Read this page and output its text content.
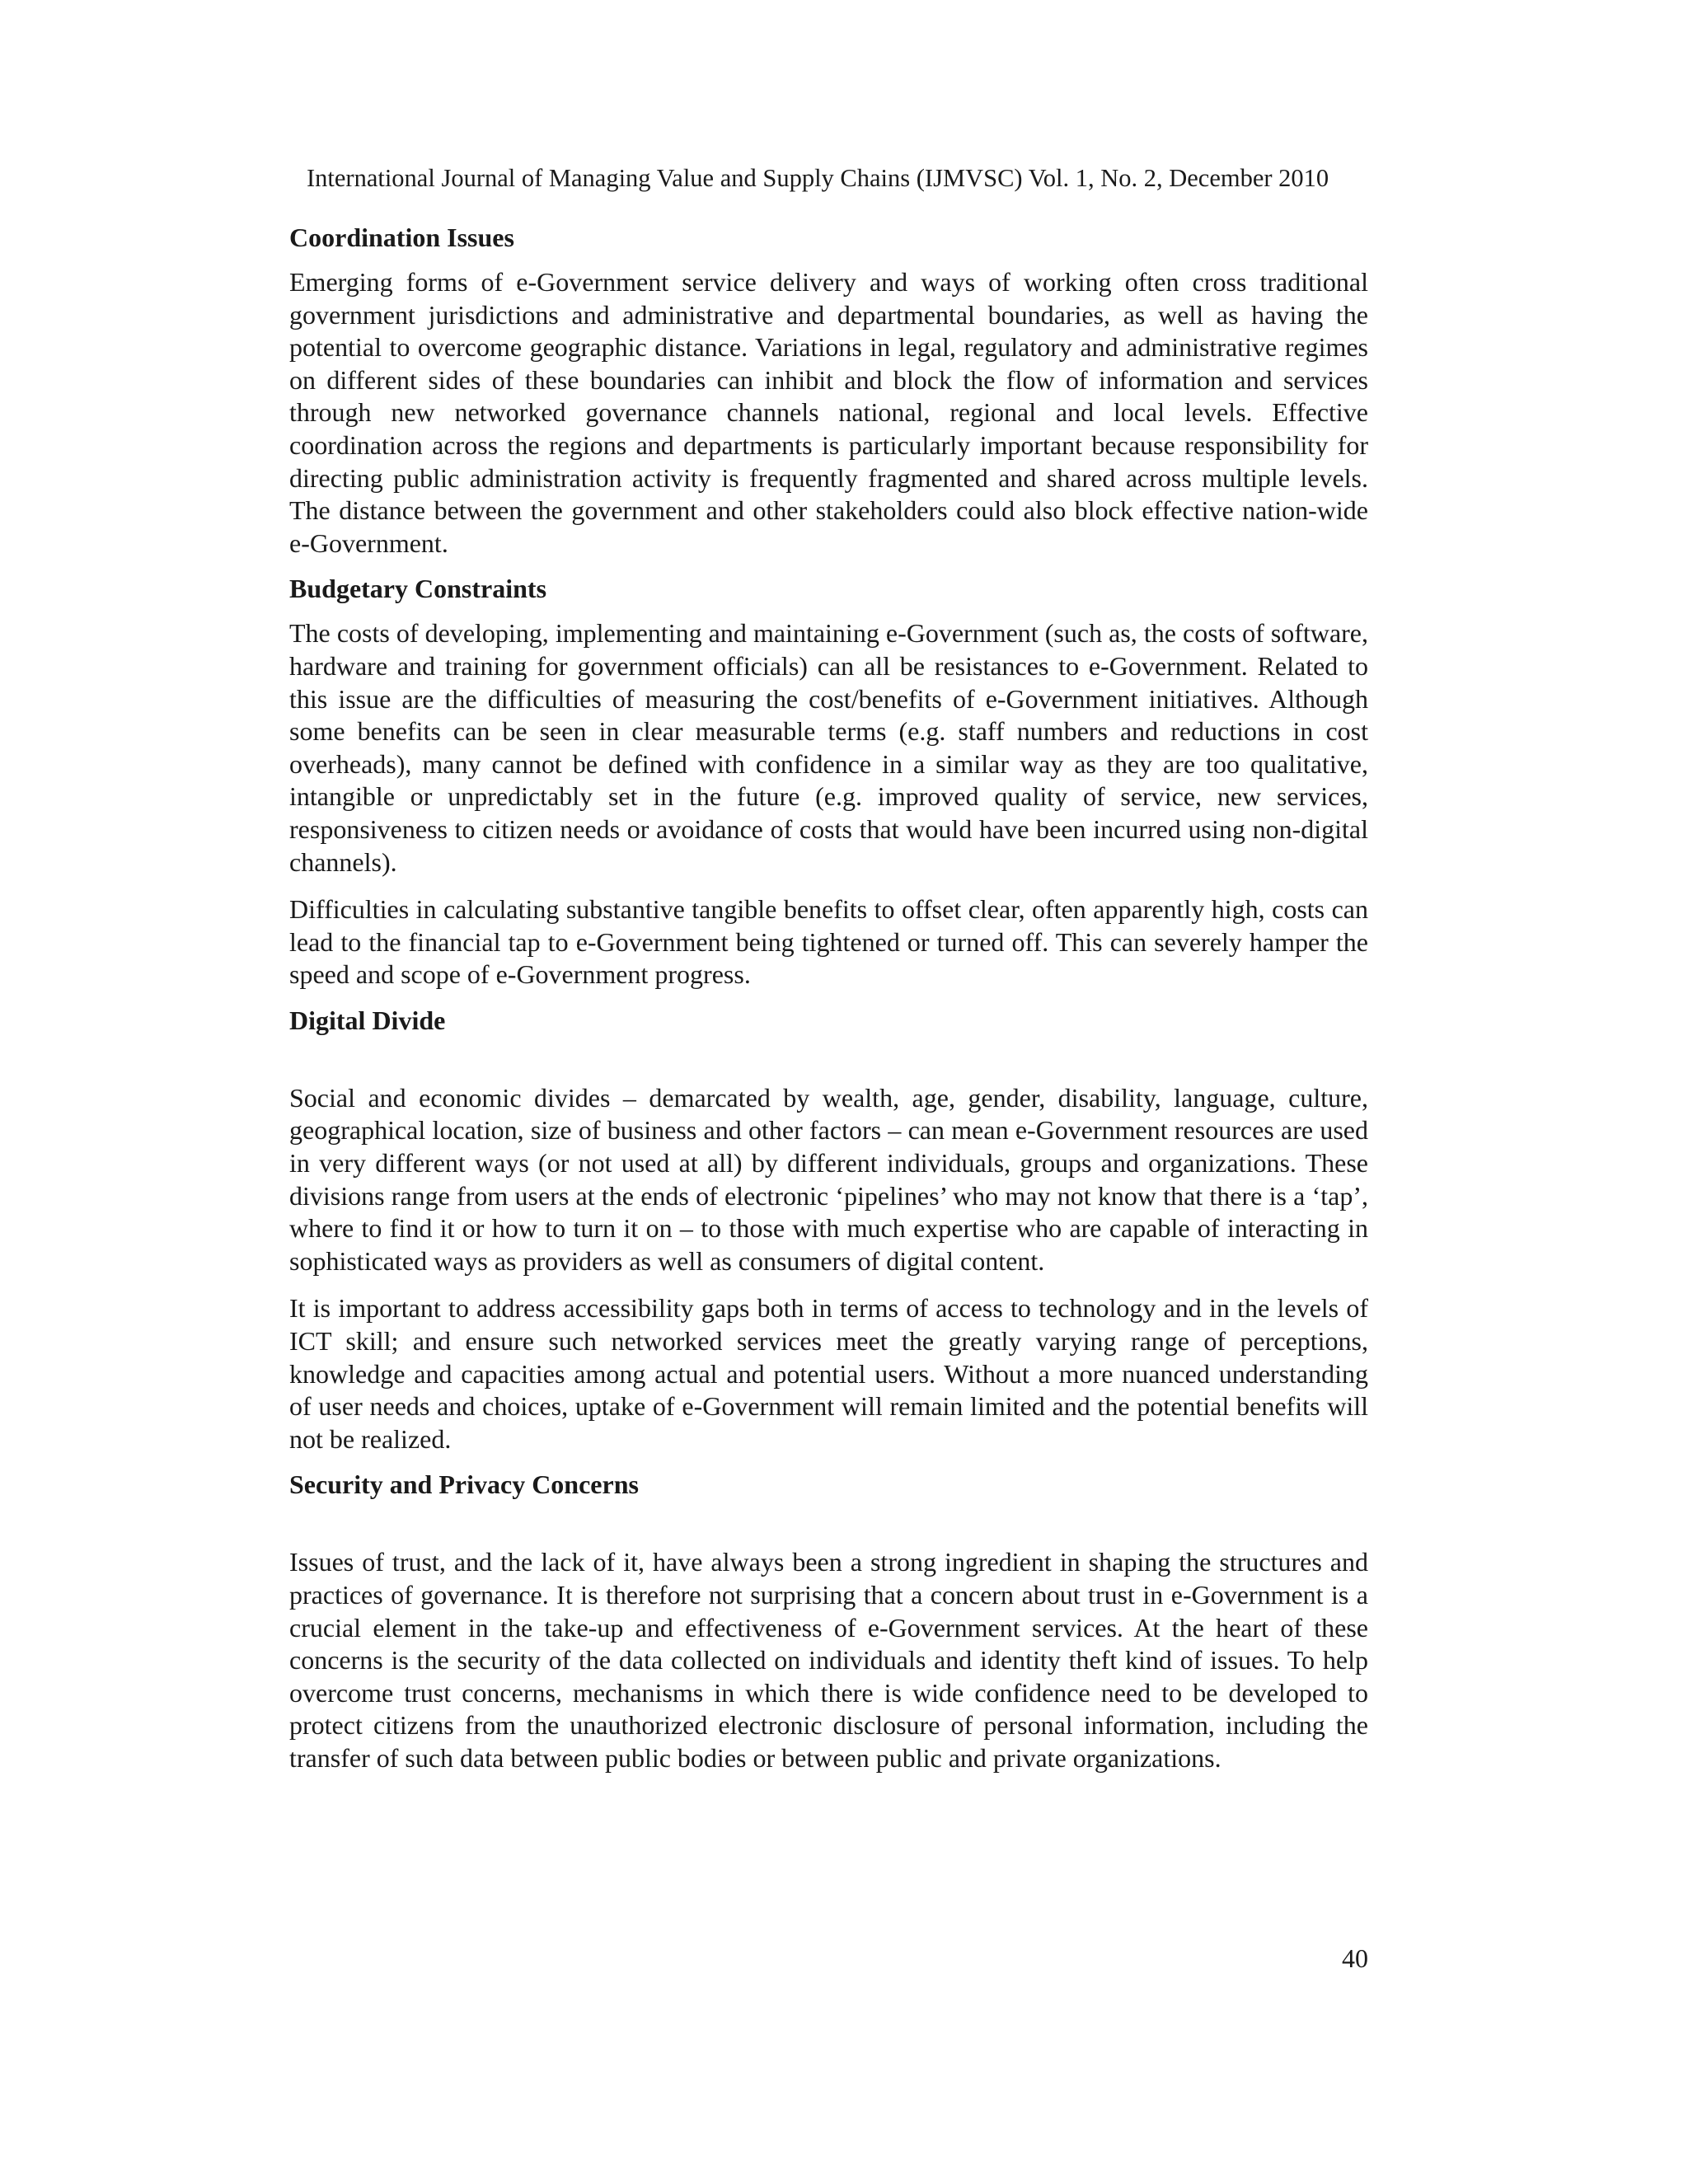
International Journal of Managing Value and Supply Chains (IJMVSC) Vol. 1, No. 2, December 2010
Coordination Issues

Emerging forms of e-Government service delivery and ways of working often cross traditional government jurisdictions and administrative and departmental boundaries, as well as having the potential to overcome geographic distance. Variations in legal, regulatory and administrative regimes on different sides of these boundaries can inhibit and block the flow of information and services through new networked governance channels national, regional and local levels. Effective coordination across the regions and departments is particularly important because responsibility for directing public administration activity is frequently fragmented and shared across multiple levels. The distance between the government and other stakeholders could also block effective nation-wide e-Government.

Budgetary Constraints

The costs of developing, implementing and maintaining e-Government (such as, the costs of software, hardware and training for government officials) can all be resistances to e-Government. Related to this issue are the difficulties of measuring the cost/benefits of e-Government initiatives. Although some benefits can be seen in clear measurable terms (e.g. staff numbers and reductions in cost overheads), many cannot be defined with confidence in a similar way as they are too qualitative, intangible or unpredictably set in the future (e.g. improved quality of service, new services, responsiveness to citizen needs or avoidance of costs that would have been incurred using non-digital channels).

Difficulties in calculating substantive tangible benefits to offset clear, often apparently high, costs can lead to the financial tap to e-Government being tightened or turned off. This can severely hamper the speed and scope of e-Government progress.

Digital Divide

Social and economic divides – demarcated by wealth, age, gender, disability, language, culture, geographical location, size of business and other factors – can mean e-Government resources are used in very different ways (or not used at all) by different individuals, groups and organizations. These divisions range from users at the ends of electronic ‘pipelines’ who may not know that there is a ‘tap’, where to find it or how to turn it on – to those with much expertise who are capable of interacting in sophisticated ways as providers as well as consumers of digital content.

It is important to address accessibility gaps both in terms of access to technology and in the levels of ICT skill; and ensure such networked services meet the greatly varying range of perceptions, knowledge and capacities among actual and potential users. Without a more nuanced understanding of user needs and choices, uptake of e-Government will remain limited and the potential benefits will not be realized.

Security and Privacy Concerns

Issues of trust, and the lack of it, have always been a strong ingredient in shaping the structures and practices of governance. It is therefore not surprising that a concern about trust in e-Government is a crucial element in the take-up and effectiveness of e-Government services. At the heart of these concerns is the security of the data collected on individuals and identity theft kind of issues. To help overcome trust concerns, mechanisms in which there is wide confidence need to be developed to protect citizens from the unauthorized electronic disclosure of personal information, including the transfer of such data between public bodies or between public and private organizations.

40
